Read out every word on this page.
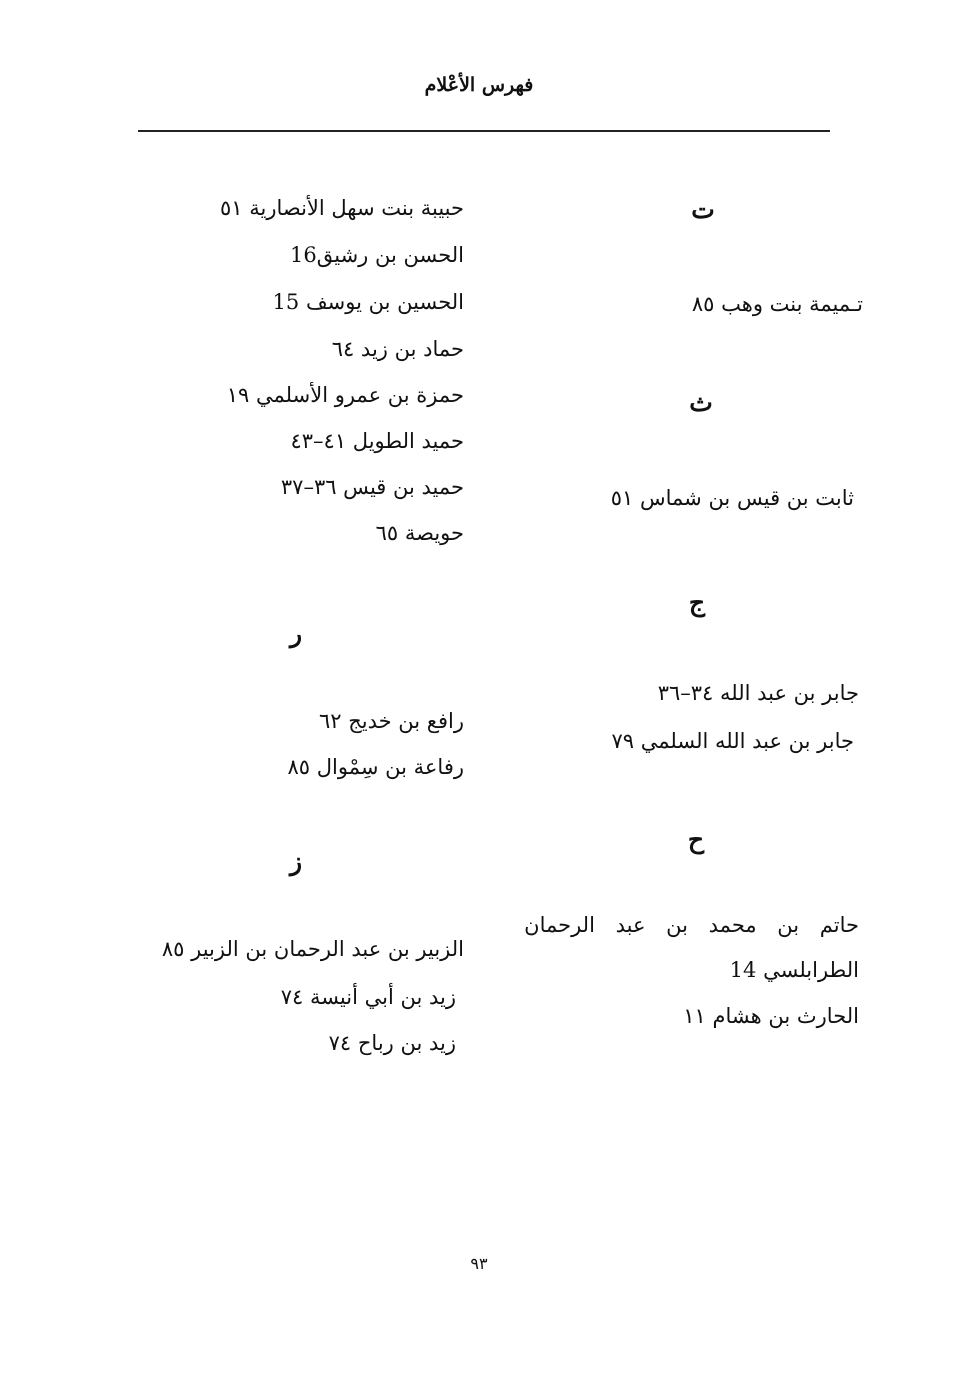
فهرس الأعْلام
ت
تـميمة بنت وهب ٨٥
ث
ثابت بن قيس بن شماس ٥١
ج
جابر بن عبد الله ٣٤–٣٦
جابر بن عبد الله السلمي ٧٩
ح
حاتم بن محمد بن عبد الرحمان
الطرابلسي 14
الحارث بن هشام ١١
حبيبة بنت سهل الأنصارية ٥١
الحسن بن رشيق16
الحسين بن يوسف 15
حماد بن زيد ٦٤
حمزة بن عمرو الأسلمي ١٩
حميد الطويل ٤١–٤٣
حميد بن قيس ٣٦–٣٧
حويصة ٦٥
ر
رافع بن خديج ٦٢
رفاعة بن سِمْوال ٨٥
ز
الزبير بن عبد الرحمان بن الزبير ٨٥
زيد بن أبي أنيسة ٧٤
زيد بن رباح ٧٤
٩٣
